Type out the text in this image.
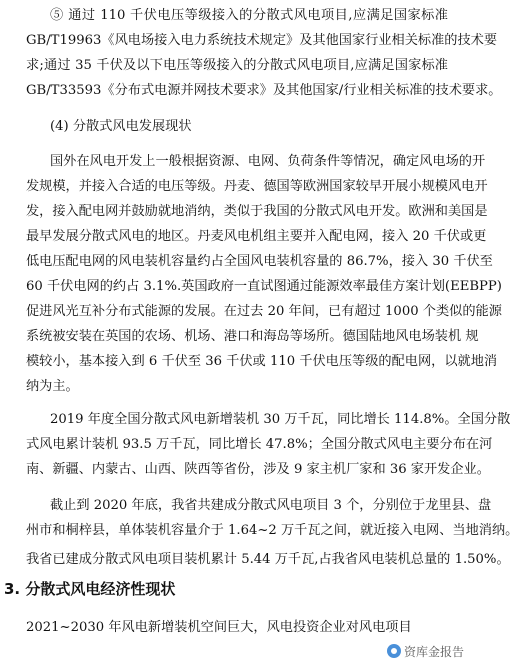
⑤ 通过 110 千伏电压等级接入的分散式风电项目,应满足国家标准
GB/T19963《风电场接入电力系统技术规定》及其他国家行业相关标准的技术要
求;通过 35 千伏及以下电压等级接入的分散式风电项目,应满足国家标准
GB/T33593《分布式电源并网技术要求》及其他国家/行业相关标准的技术要求。
(4) 分散式风电发展现状
国外在风电开发上一般根据资源、电网、负荷条件等情况，确定风电场的开
发规模，并接入合适的电压等级。丹麦、德国等欧洲国家较早开展小规模风电开
发，接入配电网并鼓励就地消纳，类似于我国的分散式风电开发。欧洲和美国是
最早发展分散式风电的地区。丹麦风电机组主要并入配电网，接入 20 千伏或更
低电压配电网的风电装机容量约占全国风电装机容量的 86.7%，接入 30 千伏至
60 千伏电网的约占 3.1%.英国政府一直试图通过能源效率最佳方案计划(EEBPP)
促进风光互补分布式能源的发展。在过去 20 年间，已有超过 1000 个类似的能源
系统被安装在英国的农场、机场、港口和海岛等场所。德国陆地风电场装机 规
模较小，基本接入到 6 千伏至 36 千伏或 110 千伏电压等级的配电网，以就地消
纳为主。
2019 年度全国分散式风电新增装机 30 万千瓦，同比增长 114.8%。全国分散
式风电累计装机 93.5 万千瓦，同比增长 47.8%；全国分散式风电主要分布在河
南、新疆、内蒙古、山西、陕西等省份，涉及 9 家主机厂家和 36 家开发企业。
截止到 2020 年底，我省共建成分散式风电项目 3 个，分别位于龙里县、盘
州市和桐梓县，单体装机容量介于 1.64~2 万千瓦之间，就近接入电网、当地消纳。
我省已建成分散式风电项目装机累计 5.44 万千瓦,占我省风电装机总量的 1.50%。
3. 分散式风电经济性现状
2021~2030 年风电新增装机空间巨大，风电投资企业对风电项目
资库金报告
